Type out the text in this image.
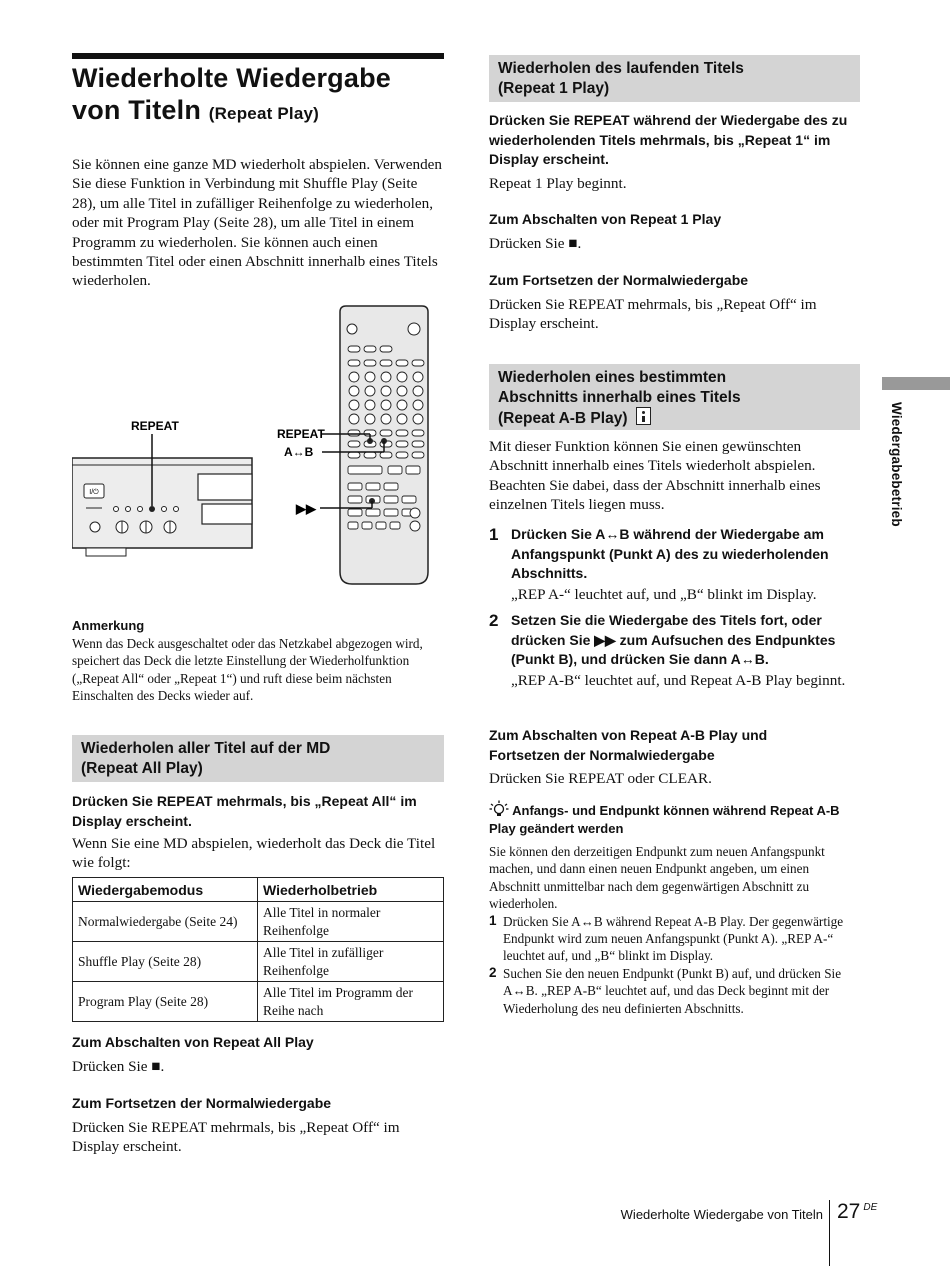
Wiederholte Wiedergabe
von Titeln (Repeat Play)

Sie können eine ganze MD wiederholt abspielen. Verwenden Sie diese Funktion in Verbindung mit Shuffle Play (Seite 28), um alle Titel in zufälliger Reihenfolge zu wiederholen, oder mit Program Play (Seite 28), um alle Titel in einem Programm zu wiederholen. Sie können auch einen bestimmten Titel oder einen Abschnitt innerhalb eines Titels wiederholen.

I/⏻
REPEAT
REPEAT
A↔B
▶▶
Anmerkung

Wenn das Deck ausgeschaltet oder das Netzkabel abgezogen wird, speichert das Deck die letzte Einstellung der Wiederholfunktion („Repeat All“ oder „Repeat 1“) und ruft diese beim nächsten Einschalten des Decks wieder auf.

Wiederholen aller Titel auf der MD
(Repeat All Play)

Drücken Sie REPEAT mehrmals, bis „Repeat All“ im Display erscheint.

Wenn Sie eine MD abspielen, wiederholt das Deck die Titel wie folgt:

Wiedergabemodus	Wiederholbetrieb
Normalwiedergabe (Seite 24)	Alle Titel in normaler Reihenfolge
Shuffle Play (Seite 28)	Alle Titel in zufälliger Reihenfolge
Program Play (Seite 28)	Alle Titel im Programm der Reihe nach
Zum Abschalten von Repeat All Play

Drücken Sie ■.

Zum Fortsetzen der Normalwiedergabe

Drücken Sie REPEAT mehrmals, bis „Repeat Off“ im Display erscheint.

Wiederholen des laufenden Titels
(Repeat 1 Play)

Drücken Sie REPEAT während der Wiedergabe des zu wiederholenden Titels mehrmals, bis „Repeat 1“ im Display erscheint.

Repeat 1 Play beginnt.

Zum Abschalten von Repeat 1 Play

Drücken Sie ■.

Zum Fortsetzen der Normalwiedergabe

Drücken Sie REPEAT mehrmals, bis „Repeat Off“ im Display erscheint.

Wiederholen eines bestimmten
Abschnitts innerhalb eines Titels
(Repeat A-B Play)

Mit dieser Funktion können Sie einen gewünschten Abschnitt innerhalb eines Titels wiederholt abspielen. Beachten Sie dabei, dass der Abschnitt innerhalb eines einzelnen Titels liegen muss.

1 Drücken Sie A↔B während der Wiedergabe am Anfangspunkt (Punkt A) des zu wiederholenden Abschnitts.

„REP A-“ leuchtet auf, und „B“ blinkt im Display.

2 Setzen Sie die Wiedergabe des Titels fort, oder drücken Sie ▶▶ zum Aufsuchen des Endpunktes (Punkt B), und drücken Sie dann A↔B.

„REP A-B“ leuchtet auf, und Repeat A-B Play beginnt.

Zum Abschalten von Repeat A-B Play und Fortsetzen der Normalwiedergabe

Drücken Sie REPEAT oder CLEAR.

Anfangs- und Endpunkt können während Repeat A-B Play geändert werden

Sie können den derzeitigen Endpunkt zum neuen Anfangspunkt machen, und dann einen neuen Endpunkt angeben, um einen Abschnitt unmittelbar nach dem gegenwärtigen Abschnitt zu wiederholen.

1 Drücken Sie A↔B während Repeat A-B Play. Der gegenwärtige Endpunkt wird zum neuen Anfangspunkt (Punkt A). „REP A-“ leuchtet auf, und „B“ blinkt im Display.

2 Suchen Sie den neuen Endpunkt (Punkt B) auf, und drücken Sie A↔B. „REP A-B“ leuchtet auf, und das Deck beginnt mit der Wiederholung des neu definierten Abschnitts.

Wiedergabebetrieb
Wiederholte Wiedergabe von Titeln 27 $^{DE}$
